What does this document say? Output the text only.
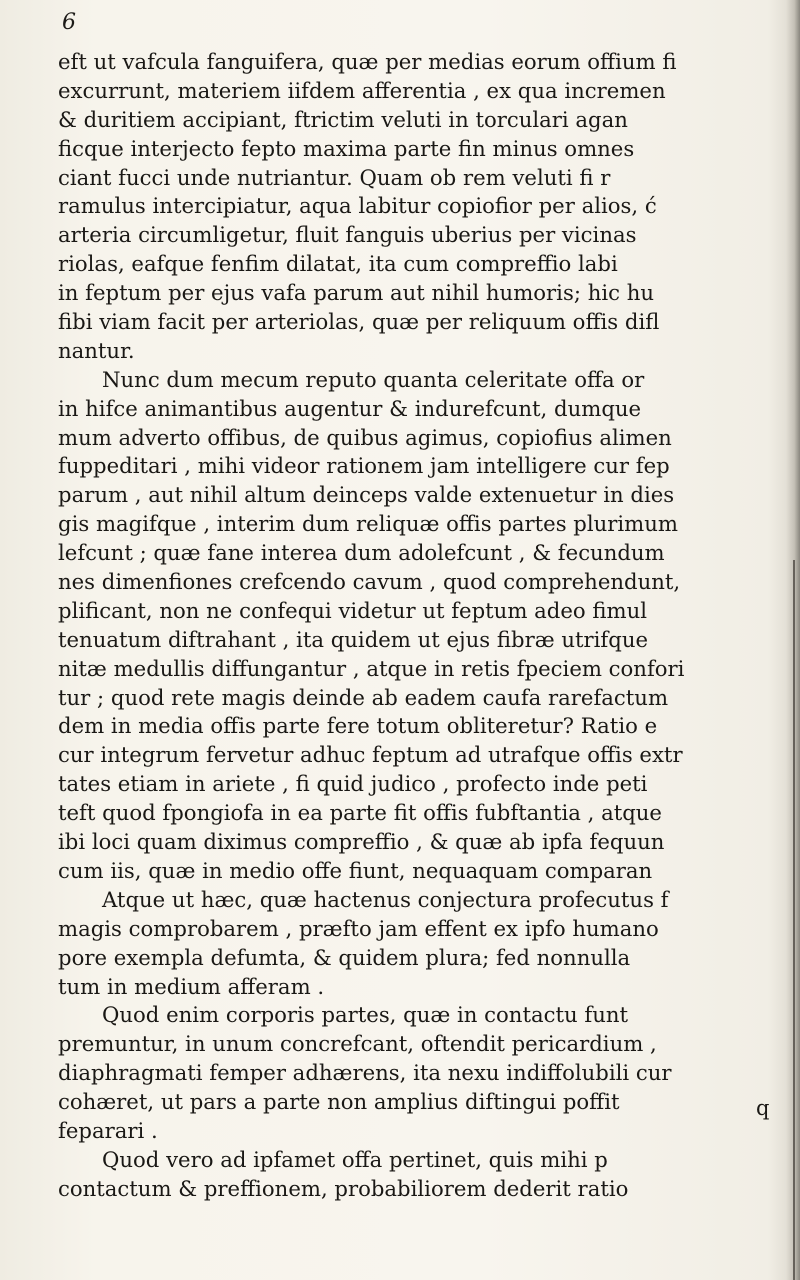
6
eft ut vafcula fanguifera, quæ per medias eorum offium fi
excurrunt, materiem iifdem afferentia , ex qua incremen
& duritiem accipiant, ftrictim veluti in torculari agan
ficque interjecto fepto maxima parte fin minus omnes
ciant fucci unde nutriantur. Quam ob rem veluti fi r
ramulus intercipiatur, aqua labitur copiofior per alios, ć
arteria circumligetur, fluit fanguis uberius per vicinas
riolas, eafque fenfim dilatat, ita cum compreffio labi
in feptum per ejus vafa parum aut nihil humoris; hic hu
fibi viam facit per arteriolas, quæ per reliquum offis difl
nantur.
Nunc dum mecum reputo quanta celeritate offa or
in hifce animantibus augentur & indurefcunt, dumque
mum adverto offibus, de quibus agimus, copiofius alimen
fuppeditari , mihi videor rationem jam intelligere cur fep
parum , aut nihil altum deinceps valde extenuetur in dies
gis magifque , interim dum reliquæ offis partes plurimum
lefcunt ; quæ fane interea dum adolefcunt , & fecundum
nes dimenfiones crefcendo cavum , quod comprehendunt,
plificant, non ne confequi videtur ut feptum adeo fimul
tenuatum diftrahant , ita quidem ut ejus fibræ utrifque
nitæ medullis diffungantur , atque in retis fpeciem confori
tur ; quod rete magis deinde ab eadem caufa rarefactum
dem in media offis parte fere totum obliteretur? Ratio e
cur integrum fervetur adhuc feptum ad utrafque offis extr
tates etiam in ariete , fi quid judico , profecto inde peti
teft quod fpongiofa in ea parte fit offis fubftantia , atque
ibi loci quam diximus compreffio , & quæ ab ipfa fequun
cum iis, quæ in medio offe fiunt, nequaquam comparan
Atque ut hæc, quæ hactenus conjectura profecutus f
magis comprobarem , præfto jam effent ex ipfo humano
pore exempla defumta, & quidem plura; fed nonnulla
tum in medium afferam .
Quod enim corporis partes, quæ in contactu funt
premuntur, in unum concrefcant, oftendit pericardium ,
diaphragmati femper adhærens, ita nexu indiffolubili cur
cohæret, ut pars a parte non amplius diftingui poffit
feparari .
Quod vero ad ipfamet offa pertinet, quis mihi p
contactum & preffionem, probabiliorem dederit ratio
q
